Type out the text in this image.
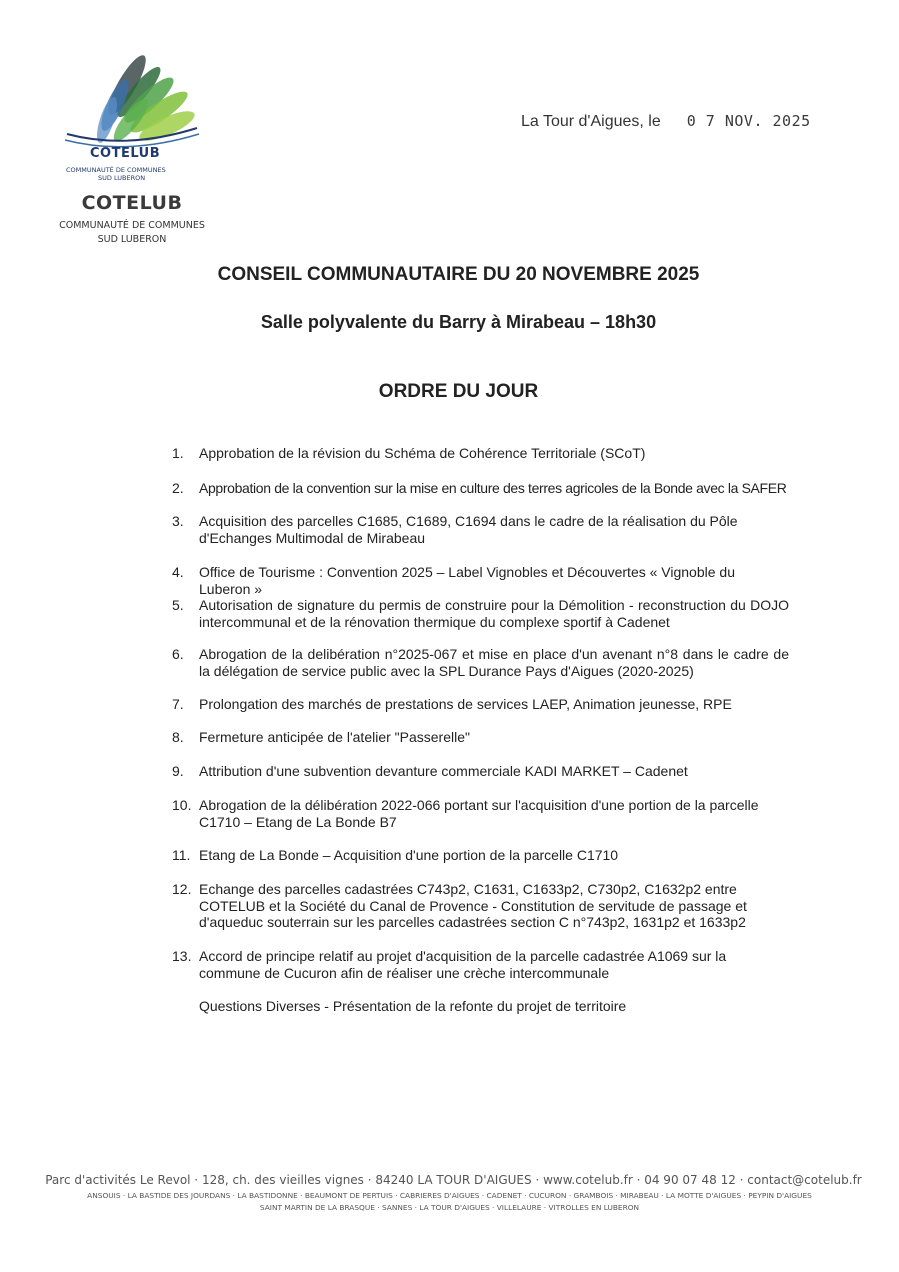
COTELUB
COMMUNAUTÉ DE COMMUNES
SUD LUBERON
COTELUB
COMMUNAUTÉ DE COMMUNES
SUD LUBERON
La Tour d'Aigues, le 0 7 NOV. 2025
CONSEIL COMMUNAUTAIRE DU 20 NOVEMBRE 2025
Salle polyvalente du Barry à Mirabeau – 18h30
ORDRE DU JOUR
1.	Approbation de la révision du Schéma de Cohérence Territoriale (SCoT)
2.	Approbation de la convention sur la mise en culture des terres agricoles de la Bonde avec la SAFER
3.	Acquisition des parcelles C1685, C1689, C1694 dans le cadre de la réalisation du Pôle d'Echanges Multimodal de Mirabeau
4.	Office de Tourisme : Convention 2025 – Label Vignobles et Découvertes « Vignoble du Luberon »
5.	Autorisation de signature du permis de construire pour la Démolition - reconstruction du DOJO intercommunal et de la rénovation thermique du complexe sportif à Cadenet
6.	Abrogation de la delibération n°2025-067 et mise en place d'un avenant n°8 dans le cadre de la délégation de service public avec la SPL Durance Pays d'Aigues (2020-2025)
7.	Prolongation des marchés de prestations de services LAEP, Animation jeunesse, RPE
8.	Fermeture anticipée de l'atelier "Passerelle"
9.	Attribution d'une subvention devanture commerciale KADI MARKET – Cadenet
10. Abrogation de la délibération 2022-066 portant sur l'acquisition d'une portion de la parcelle C1710 – Etang de La Bonde B7
11. Etang de La Bonde – Acquisition d'une portion de la parcelle C1710
12. Echange des parcelles cadastrées C743p2, C1631, C1633p2, C730p2, C1632p2 entre COTELUB et la Société du Canal de Provence - Constitution de servitude de passage et d'aqueduc souterrain sur les parcelles cadastrées section C n°743p2, 1631p2 et 1633p2
13. Accord de principe relatif au projet d'acquisition de la parcelle cadastrée A1069 sur la commune de Cucuron afin de réaliser une crèche intercommunale
Questions Diverses - Présentation de la refonte du projet de territoire
Parc d'activités Le Revol · 128, ch. des vieilles vignes · 84240 LA TOUR D'AIGUES · www.cotelub.fr · 04 90 07 48 12 · contact@cotelub.fr
ANSOUIS · LA BASTIDE DES JOURDANS · LA BASTIDONNE · BEAUMONT DE PERTUIS · CABRIERES D'AIGUES · CADENET · CUCURON · GRAMBOIS · MIRABEAU · LA MOTTE D'AIGUES · PEYPIN D'AIGUES
SAINT MARTIN DE LA BRASQUE · SANNES · LA TOUR D'AIGUES · VILLELAURE · VITROLLES EN LUBERON
